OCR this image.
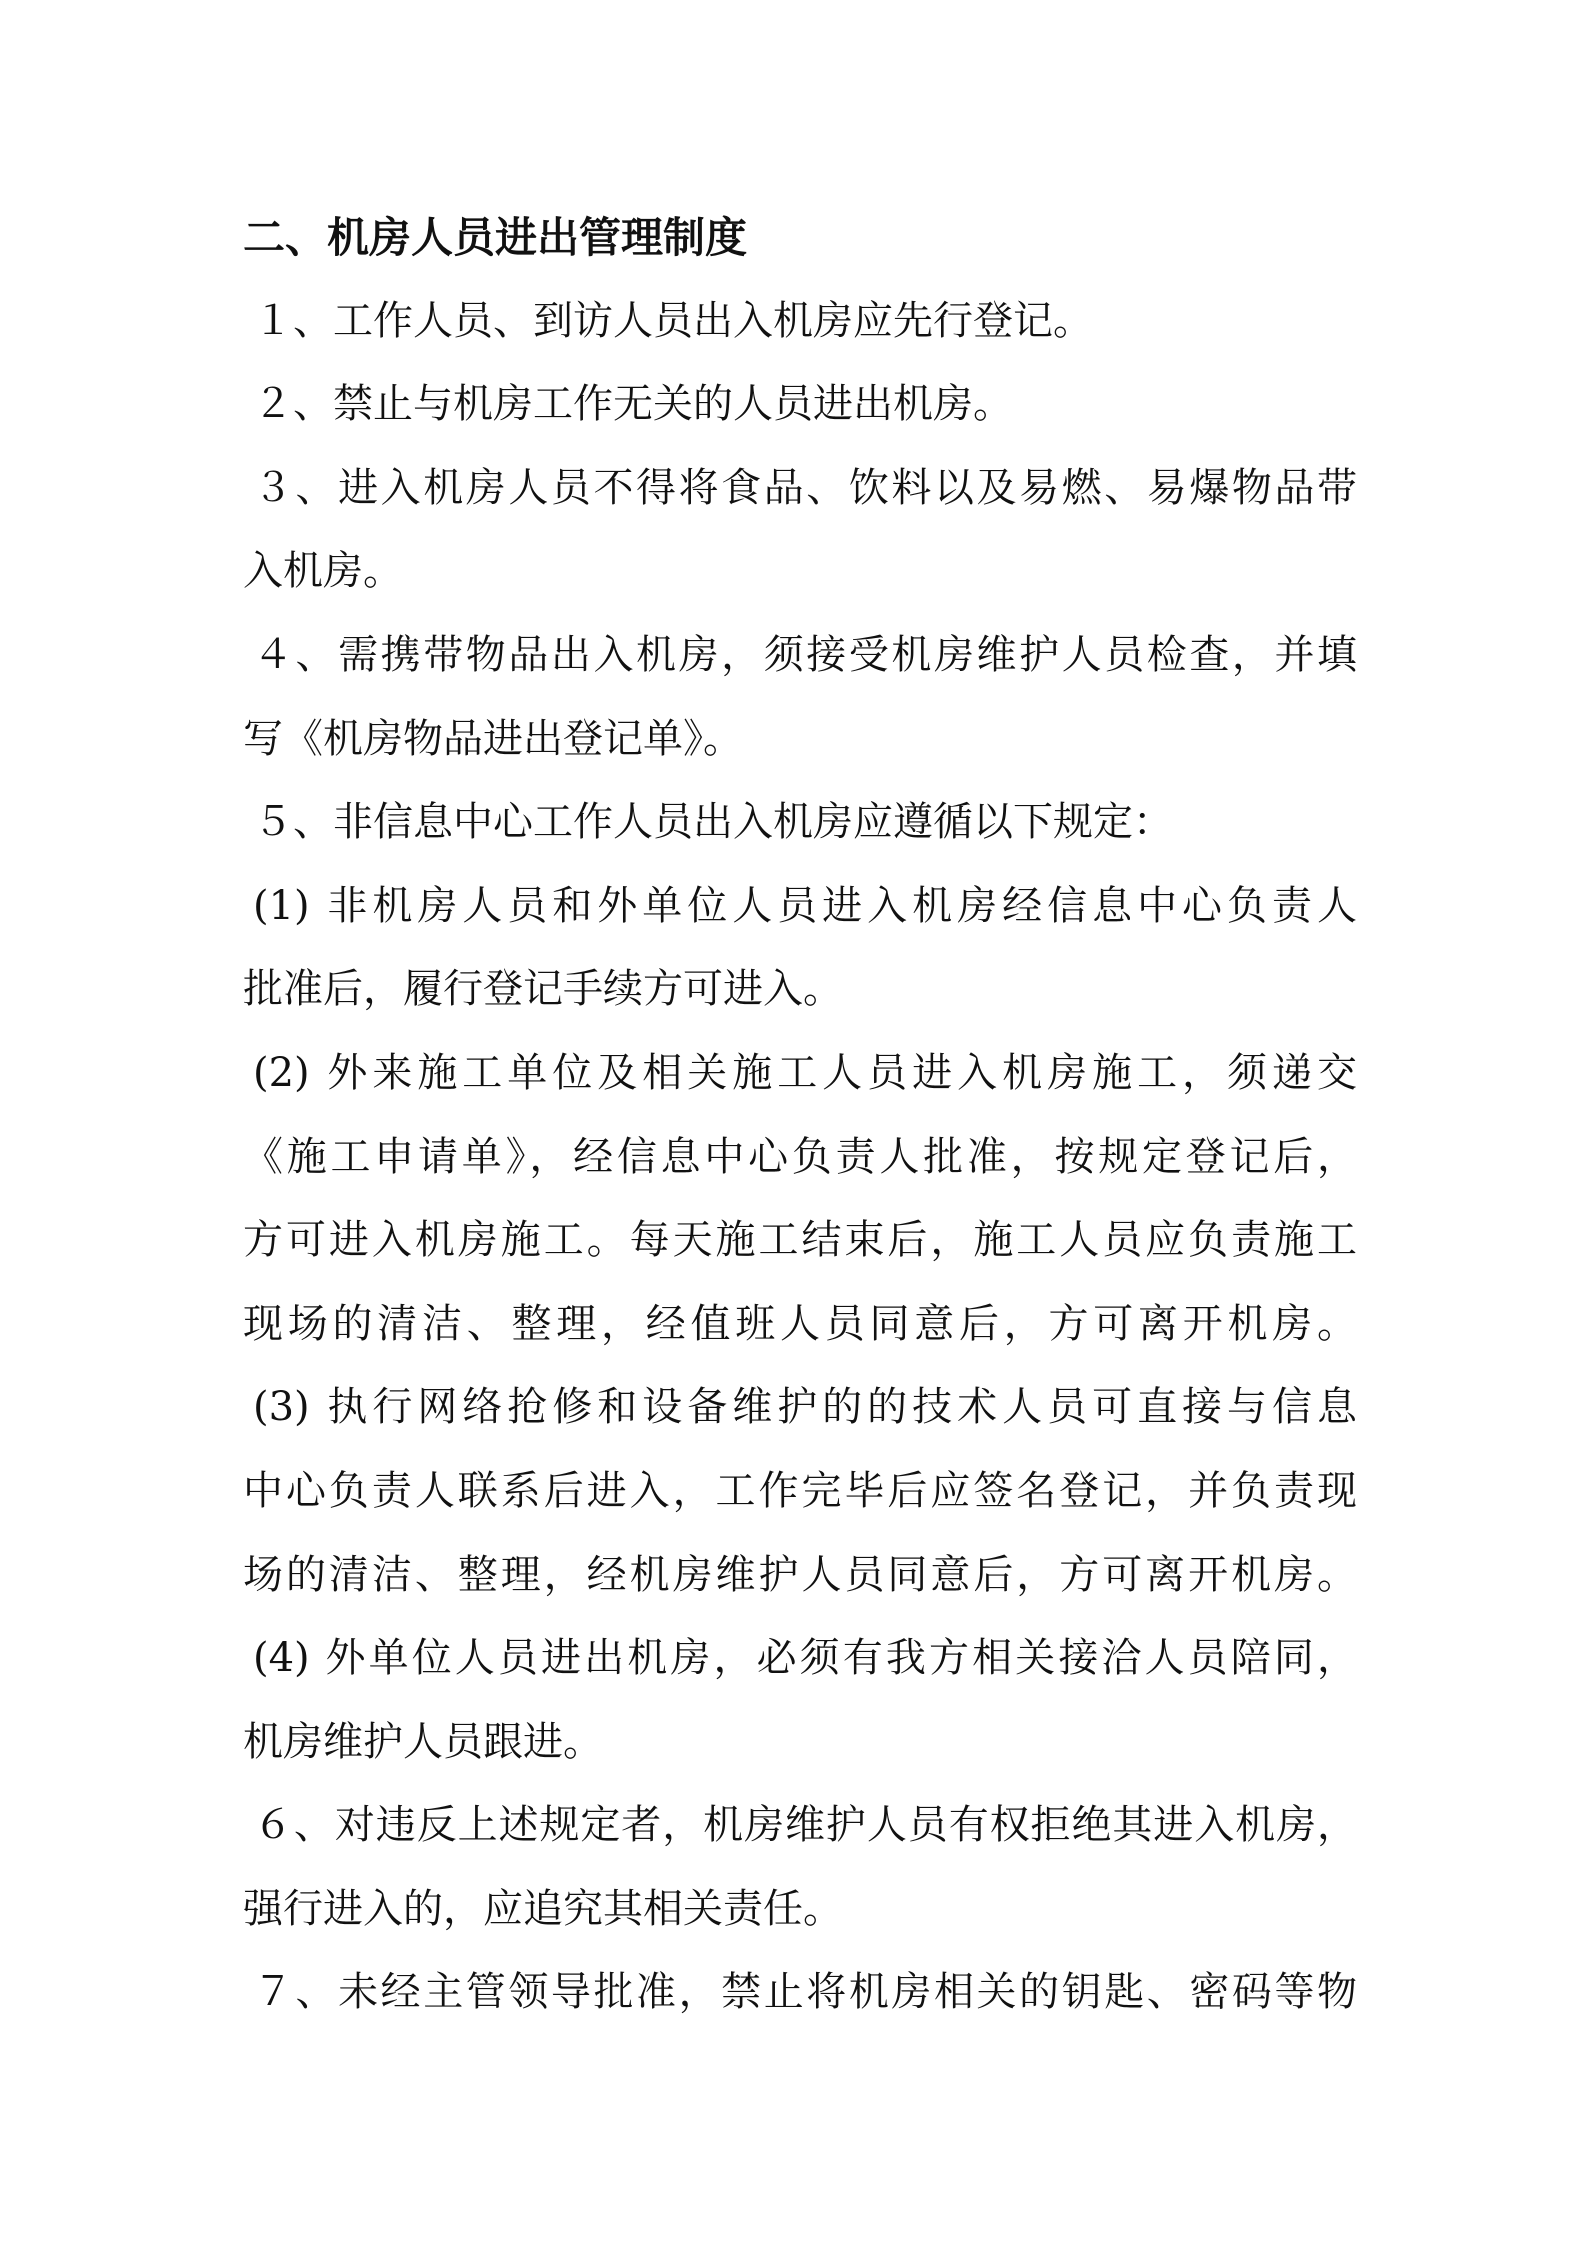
二、机房人员进出管理制度
１、工作人员、到访人员出入机房应先行登记。
２、禁止与机房工作无关的人员进出机房。
３、进入机房人员不得将食品、饮料以及易燃、易爆物品带
入机房。
４、需携带物品出入机房，须接受机房维护人员检查，并填
写《机房物品进出登记单》。
５、非信息中心工作人员出入机房应遵循以下规定：
(1) 非机房人员和外单位人员进入机房经信息中心负责人
批准后，履行登记手续方可进入。
(2) 外来施工单位及相关施工人员进入机房施工，须递交
《施工申请单》，经信息中心负责人批准，按规定登记后，
方可进入机房施工。每天施工结束后，施工人员应负责施工
现场的清洁、整理，经值班人员同意后，方可离开机房。
(3) 执行网络抢修和设备维护的的技术人员可直接与信息
中心负责人联系后进入，工作完毕后应签名登记，并负责现
场的清洁、整理，经机房维护人员同意后，方可离开机房。
(4) 外单位人员进出机房，必须有我方相关接洽人员陪同，
机房维护人员跟进。
６、对违反上述规定者，机房维护人员有权拒绝其进入机房，
强行进入的，应追究其相关责任。
７、未经主管领导批准，禁止将机房相关的钥匙、密码等物
